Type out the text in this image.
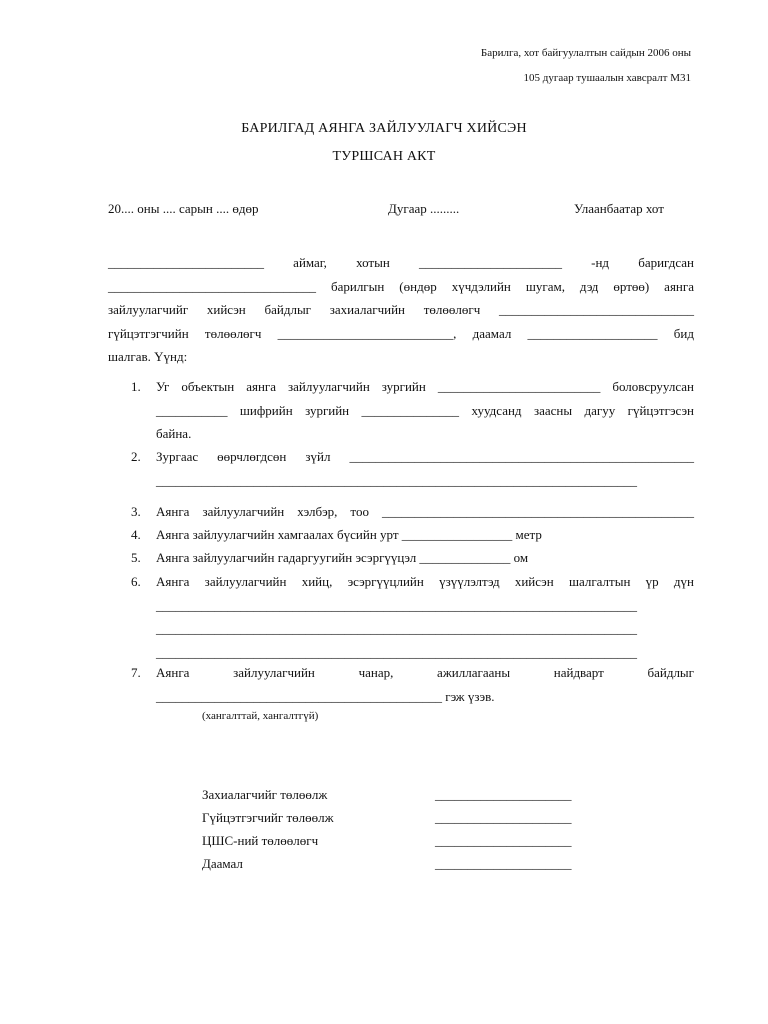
Барилга, хот байгуулалтын сайдын 2006 оны
105 дугаар тушаалын хавсралт М31
БАРИЛГАД АЯНГА ЗАЙЛУУЛАГЧ ХИЙСЭН
ТУРШСАН АКТ
20.... оны .... сарын .... өдөр	Дугаар .........	Улаанбаатар хот
________________________ аймаг, хотын ______________________ -нд баригдсан
________________________________ барилгын (өндөр хүчдэлийн шугам, дэд өртөө) аянга
зайлуулагчийг хийсэн байдлыг захиалагчийн төлөөлөгч ______________________________
гүйцэтгэгчийн төлөөлөгч ___________________________, даамал ____________________ бид
шалгав. Үүнд:
1. Уг объектын аянга зайлуулагчийн зургийн _________________________ боловсруулсан
___________ шифрийн зургийн _______________ хуудсанд заасны дагуу гүйцэтгэсэн
байна.
2. Зургаас өөрчлөгдсөн зүйл _____________________________________________________
__________________________________________________________________________
3. Аянга зайлуулагчийн хэлбэр, тоо ________________________________________________
4. Аянга зайлуулагчийн хамгаалах бүсийн урт _________________ метр
5. Аянга зайлуулагчийн гадаргуугийн эсэргүүцэл ______________ ом
6. Аянга зайлуулагчийн хийц, эсэргүүцлийн үзүүлэлтэд хийсэн шалгалтын үр дүн
__________________________________________________________________________
__________________________________________________________________________
__________________________________________________________________________
7. Аянга зайлуулагчийн чанар, ажиллагааны найдварт байдлыг
____________________________________________ гэж үзэв.
(хангалттай, хангалтгүй)
Захиалагчийг төлөөлж	_____________________
Гүйцэтгэгчийг төлөөлж	_____________________
ЦШС-ний төлөөлөгч	_____________________
Даамал	_____________________
